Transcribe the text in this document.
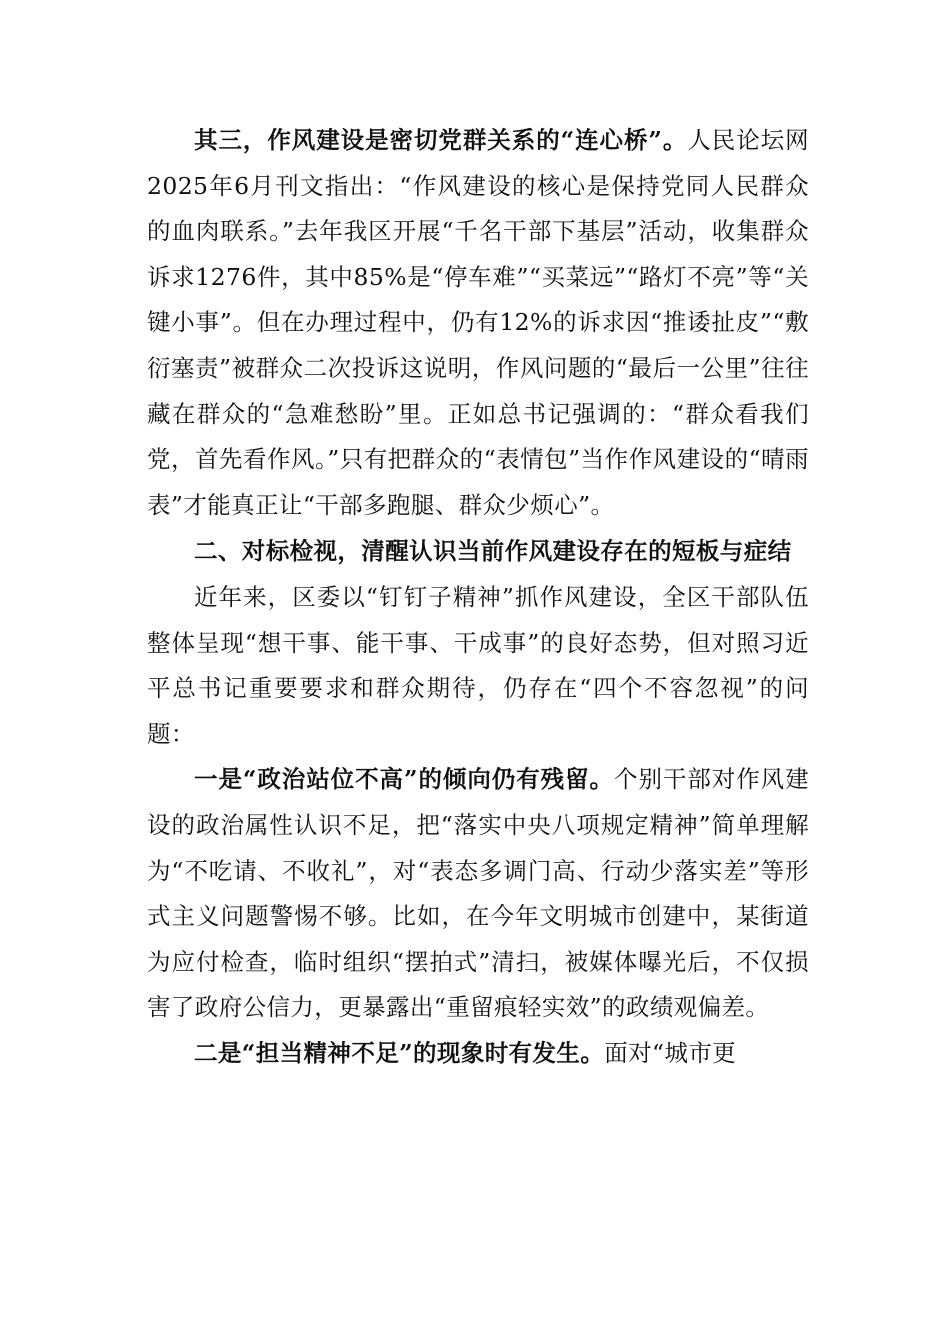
其三，作风建设是密切党群关系的“连心桥”。人民论坛网2025年6月刊文指出：“作风建设的核心是保持党同人民群众的血肉联系。”去年我区开展“千名干部下基层”活动，收集群众诉求1276件，其中85%是“停车难”“买菜远”“路灯不亮”等“关键小事”。但在办理过程中，仍有12%的诉求因“推诿扯皮”“敷衍塞责”被群众二次投诉这说明，作风问题的“最后一公里”往往藏在群众的“急难愁盼”里。正如总书记强调的：“群众看我们党，首先看作风。”只有把群众的“表情包”当作作风建设的“晴雨表”才能真正让“干部多跑腿、群众少烦心”。

二、对标检视，清醒认识当前作风建设存在的短板与症结

近年来，区委以“钉钉子精神”抓作风建设，全区干部队伍整体呈现“想干事、能干事、干成事”的良好态势，但对照习近平总书记重要要求和群众期待，仍存在“四个不容忽视”的问题：

一是“政治站位不高”的倾向仍有残留。个别干部对作风建设的政治属性认识不足，把“落实中央八项规定精神”简单理解为“不吃请、不收礼”，对“表态多调门高、行动少落实差”等形式主义问题警惕不够。比如，在今年文明城市创建中，某街道为应付检查，临时组织“摆拍式”清扫，被媒体曝光后，不仅损害了政府公信力，更暴露出“重留痕轻实效”的政绩观偏差。

二是“担当精神不足”的现象时有发生。面对“城市更
